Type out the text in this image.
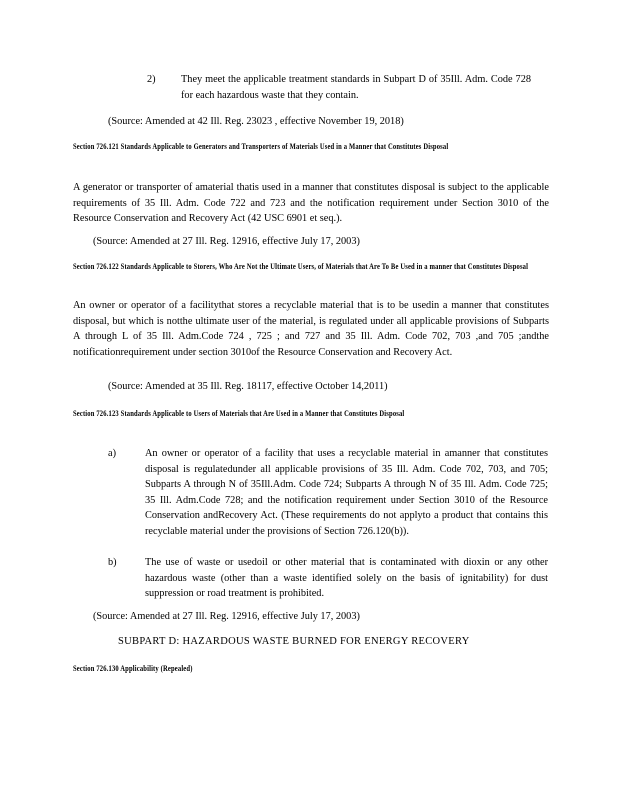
2) They meet the applicable treatment standards in Subpart D of 35Ill. Adm. Code 728 for each hazardous waste that they contain.
(Source: Amended at 42 Ill. Reg. 23023 , effective November 19, 2018)
Section 726.121 Standards Applicable to Generators and Transporters of Materials Used in a Manner that Constitutes Disposal
A generator or transporter of amaterial thatis used in a manner that constitutes disposal is subject to the applicable requirements of 35 Ill. Adm. Code 722 and 723 and the notification requirement under Section 3010 of the Resource Conservation and Recovery Act (42 USC 6901 et seq.).
(Source: Amended at 27 Ill. Reg. 12916, effective July 17, 2003)
Section 726.122 Standards Applicable to Storers, Who Are Not the Ultimate Users, of Materials that Are To Be Used in a manner that Constitutes Disposal
An owner or operator of a facilitythat stores a recyclable material that is to be usedin a manner that constitutes disposal, but which is notthe ultimate user of the material, is regulated under all applicable provisions of Subparts A through L of 35 Ill. Adm.Code 724 , 725 ; and 727 and 35 Ill. Adm. Code 702, 703 ,and 705 ;andthe notificationrequirement under section 3010of the Resource Conservation and Recovery Act.
(Source: Amended at 35 Ill. Reg. 18117, effective October 14,2011)
Section 726.123 Standards Applicable to Users of Materials that Are Used in a Manner that Constitutes Disposal
a)	An owner or operator of a facility that uses a recyclable material in amanner that constitutes disposal is regulatedunder all applicable provisions of 35 Ill. Adm. Code 702, 703, and 705; Subparts A through N of 35Ill.Adm. Code 724; Subparts A through N of 35 Ill. Adm. Code 725; 35 Ill. Adm.Code 728; and the notification requirement under Section 3010 of the Resource Conservation andRecovery Act. (These requirements do not applyto a product that contains this recyclable material under the provisions of Section 726.120(b)).
b)	The use of waste or usedoil or other material that is contaminated with dioxin or any other hazardous waste (other than a waste identified solely on the basis of ignitability) for dust suppression or road treatment is prohibited.
(Source: Amended at 27 Ill. Reg. 12916, effective July 17, 2003)
SUBPART D: HAZARDOUS WASTE BURNED FOR ENERGY RECOVERY
Section 726.130 Applicability (Repealed)
